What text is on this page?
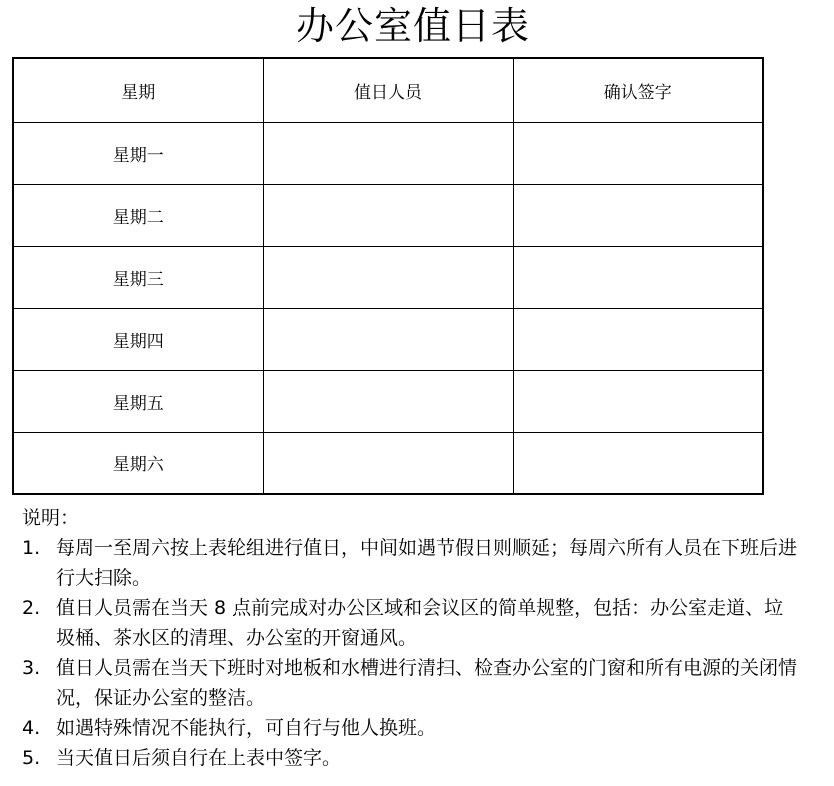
办公室值日表
星期	值日人员	确认签字
星期一		
星期二		
星期三		
星期四		
星期五		
星期六		
说明：
1. 每周一至周六按上表轮组进行值日，中间如遇节假日则顺延；每周六所有人员在下班后进行大扫除。
2. 值日人员需在当天 8 点前完成对办公区域和会议区的简单规整，包括：办公室走道、垃圾桶、茶水区的清理、办公室的开窗通风。
3. 值日人员需在当天下班时对地板和水槽进行清扫、检查办公室的门窗和所有电源的关闭情况，保证办公室的整洁。
4. 如遇特殊情况不能执行，可自行与他人换班。
5. 当天值日后须自行在上表中签字。
